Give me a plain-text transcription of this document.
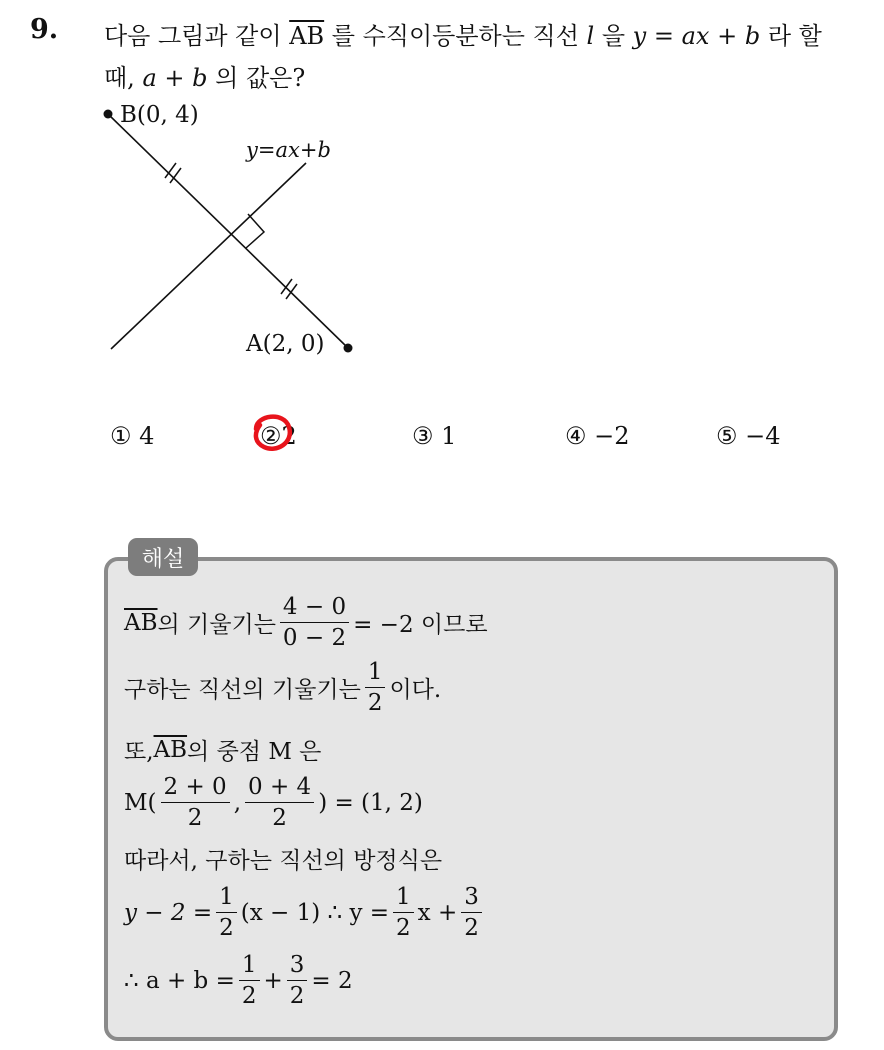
9. 다음 그림과 같이 $\overline{AB}$ 를 수직이등분하는 직선 l 을 y = ax + b 라 할
때, a + b 의 값은?
B(0, 4)
A(2, 0)
y=ax+b
① 4	②2	③ 1	④ −2	⑤ −4
해설
$\overline{AB}$ 의 기울기는 $\frac{4 - 0}{0 - 2} = -2$ 이므로
구하는 직선의 기울기는 $\frac{1}{2}$ 이다.
또, $\overline{AB}$ 의 중점 M 은
$M( \frac{2 + 0}{2}$ , $\frac{0 + 4}{2}$ ) = (1, 2)
따라서, 구하는 직선의 방정식은
$y - 2 = \frac{1}{2} (x - 1)$ ∴ $y = \frac{1}{2}$ $x + \frac{3}{2}$
∴ $a + b = \frac{1}{2} + \frac{3}{2} = 2$
